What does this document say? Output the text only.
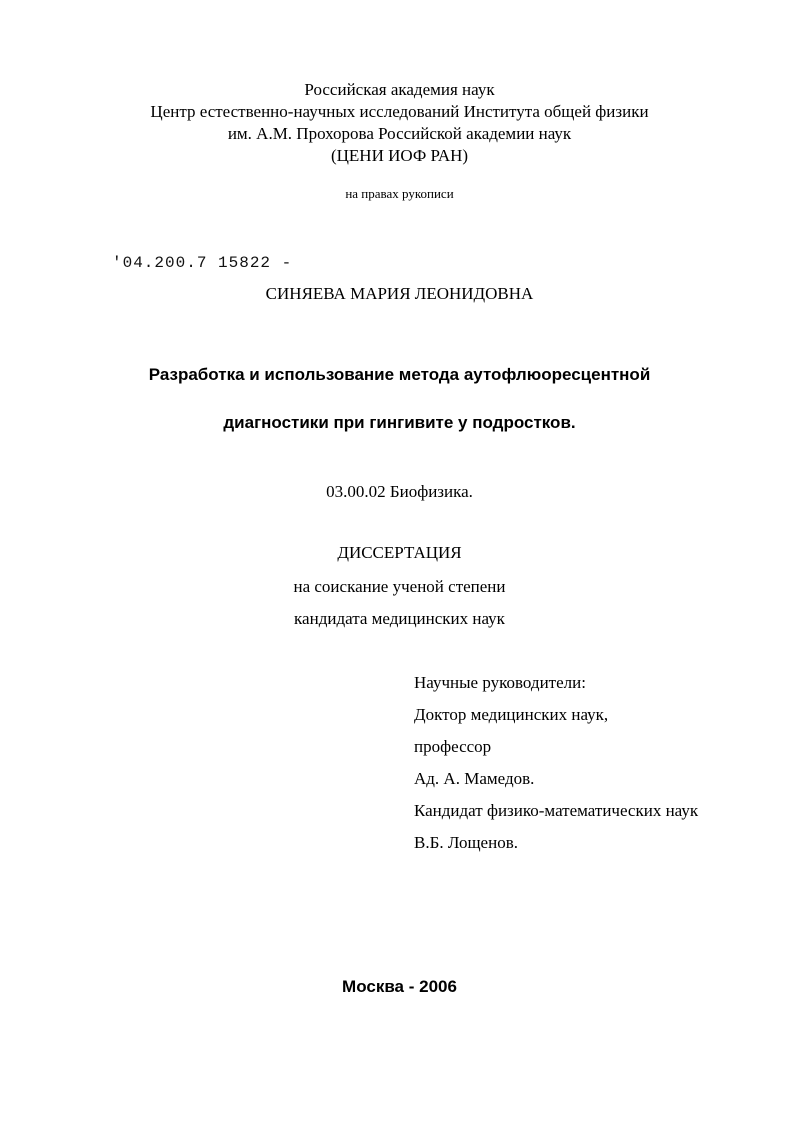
Российская академия наук

Центр естественно-научных исследований Института общей физики

им. А.М. Прохорова Российской академии наук

(ЦЕНИ ИОФ РАН)

на правах рукописи

'04.200.7 15822 -

СИНЯЕВА МАРИЯ ЛЕОНИДОВНА

Разработка и использование метода аутофлюоресцентной

диагностики при гингивите у подростков.

03.00.02 Биофизика.

ДИССЕРТАЦИЯ

на соискание ученой степени

кандидата медицинских наук

Научные руководители:

Доктор медицинских наук,

профессор

Ад. А. Мамедов.

Кандидат физико-математических наук

В.Б. Лощенов.

Москва - 2006
